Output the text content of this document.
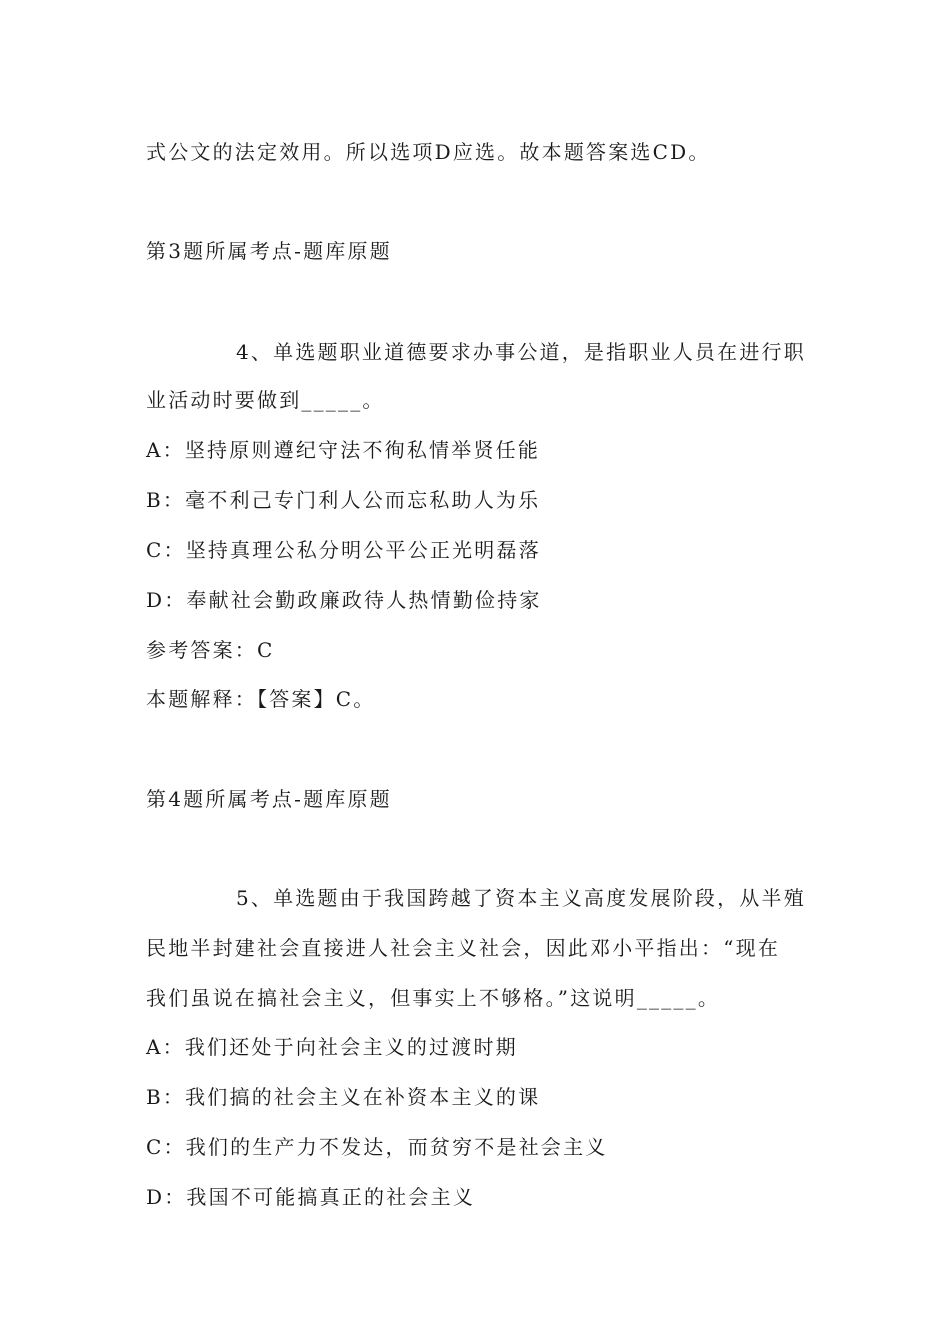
式公文的法定效用。所以选项D应选。故本题答案选CD。
第3题所属考点-题库原题
4、单选题职业道德要求办事公道，是指职业人员在进行职
业活动时要做到_____。
A：坚持原则遵纪守法不徇私情举贤任能
B：毫不利己专门利人公而忘私助人为乐
C：坚持真理公私分明公平公正光明磊落
D：奉献社会勤政廉政待人热情勤俭持家
参考答案：C
本题解释：【答案】C。
第4题所属考点-题库原题
5、单选题由于我国跨越了资本主义高度发展阶段，从半殖
民地半封建社会直接进人社会主义社会，因此邓小平指出：“现在
我们虽说在搞社会主义，但事实上不够格。”这说明_____。
A：我们还处于向社会主义的过渡时期
B：我们搞的社会主义在补资本主义的课
C：我们的生产力不发达，而贫穷不是社会主义
D：我国不可能搞真正的社会主义
